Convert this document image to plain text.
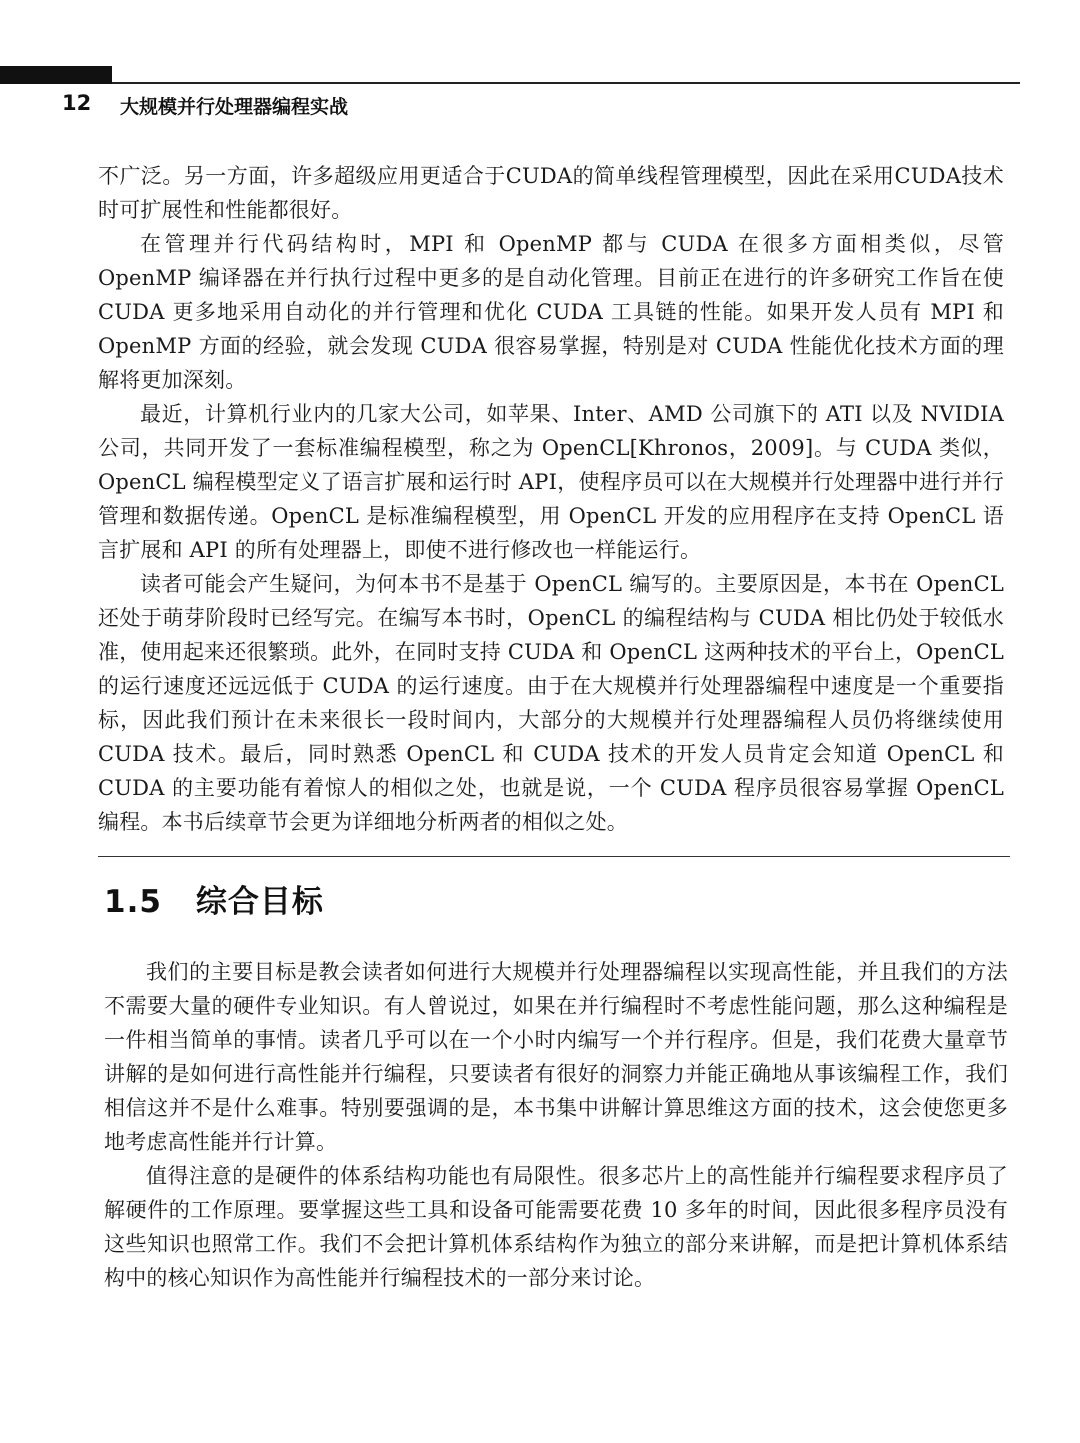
12 大规模并行处理器编程实战

不广泛。另一方面，许多超级应用更适合于CUDA的简单线程管理模型，因此在采用CUDA技术时可扩展性和性能都很好。

在管理并行代码结构时，MPI 和 OpenMP 都与 CUDA 在很多方面相类似，尽管 OpenMP 编译器在并行执行过程中更多的是自动化管理。目前正在进行的许多研究工作旨在使 CUDA 更多地采用自动化的并行管理和优化 CUDA 工具链的性能。如果开发人员有 MPI 和 OpenMP 方面的经验，就会发现 CUDA 很容易掌握，特别是对 CUDA 性能优化技术方面的理解将更加深刻。

最近，计算机行业内的几家大公司，如苹果、Inter、AMD 公司旗下的 ATI 以及 NVIDIA 公司，共同开发了一套标准编程模型，称之为 OpenCL[Khronos，2009]。与 CUDA 类似，OpenCL 编程模型定义了语言扩展和运行时 API，使程序员可以在大规模并行处理器中进行并行管理和数据传递。OpenCL 是标准编程模型，用 OpenCL 开发的应用程序在支持 OpenCL 语言扩展和 API 的所有处理器上，即使不进行修改也一样能运行。

读者可能会产生疑问，为何本书不是基于 OpenCL 编写的。主要原因是，本书在 OpenCL 还处于萌芽阶段时已经写完。在编写本书时，OpenCL 的编程结构与 CUDA 相比仍处于较低水准，使用起来还很繁琐。此外，在同时支持 CUDA 和 OpenCL 这两种技术的平台上，OpenCL 的运行速度还远远低于 CUDA 的运行速度。由于在大规模并行处理器编程中速度是一个重要指标，因此我们预计在未来很长一段时间内，大部分的大规模并行处理器编程人员仍将继续使用 CUDA 技术。最后，同时熟悉 OpenCL 和 CUDA 技术的开发人员肯定会知道 OpenCL 和 CUDA 的主要功能有着惊人的相似之处，也就是说，一个 CUDA 程序员很容易掌握 OpenCL 编程。本书后续章节会更为详细地分析两者的相似之处。

1.5 综合目标

我们的主要目标是教会读者如何进行大规模并行处理器编程以实现高性能，并且我们的方法不需要大量的硬件专业知识。有人曾说过，如果在并行编程时不考虑性能问题，那么这种编程是一件相当简单的事情。读者几乎可以在一个小时内编写一个并行程序。但是，我们花费大量章节讲解的是如何进行高性能并行编程，只要读者有很好的洞察力并能正确地从事该编程工作，我们相信这并不是什么难事。特别要强调的是，本书集中讲解计算思维这方面的技术，这会使您更多地考虑高性能并行计算。

值得注意的是硬件的体系结构功能也有局限性。很多芯片上的高性能并行编程要求程序员了解硬件的工作原理。要掌握这些工具和设备可能需要花费 10 多年的时间，因此很多程序员没有这些知识也照常工作。我们不会把计算机体系结构作为独立的部分来讲解，而是把计算机体系结构中的核心知识作为高性能并行编程技术的一部分来讨论。
